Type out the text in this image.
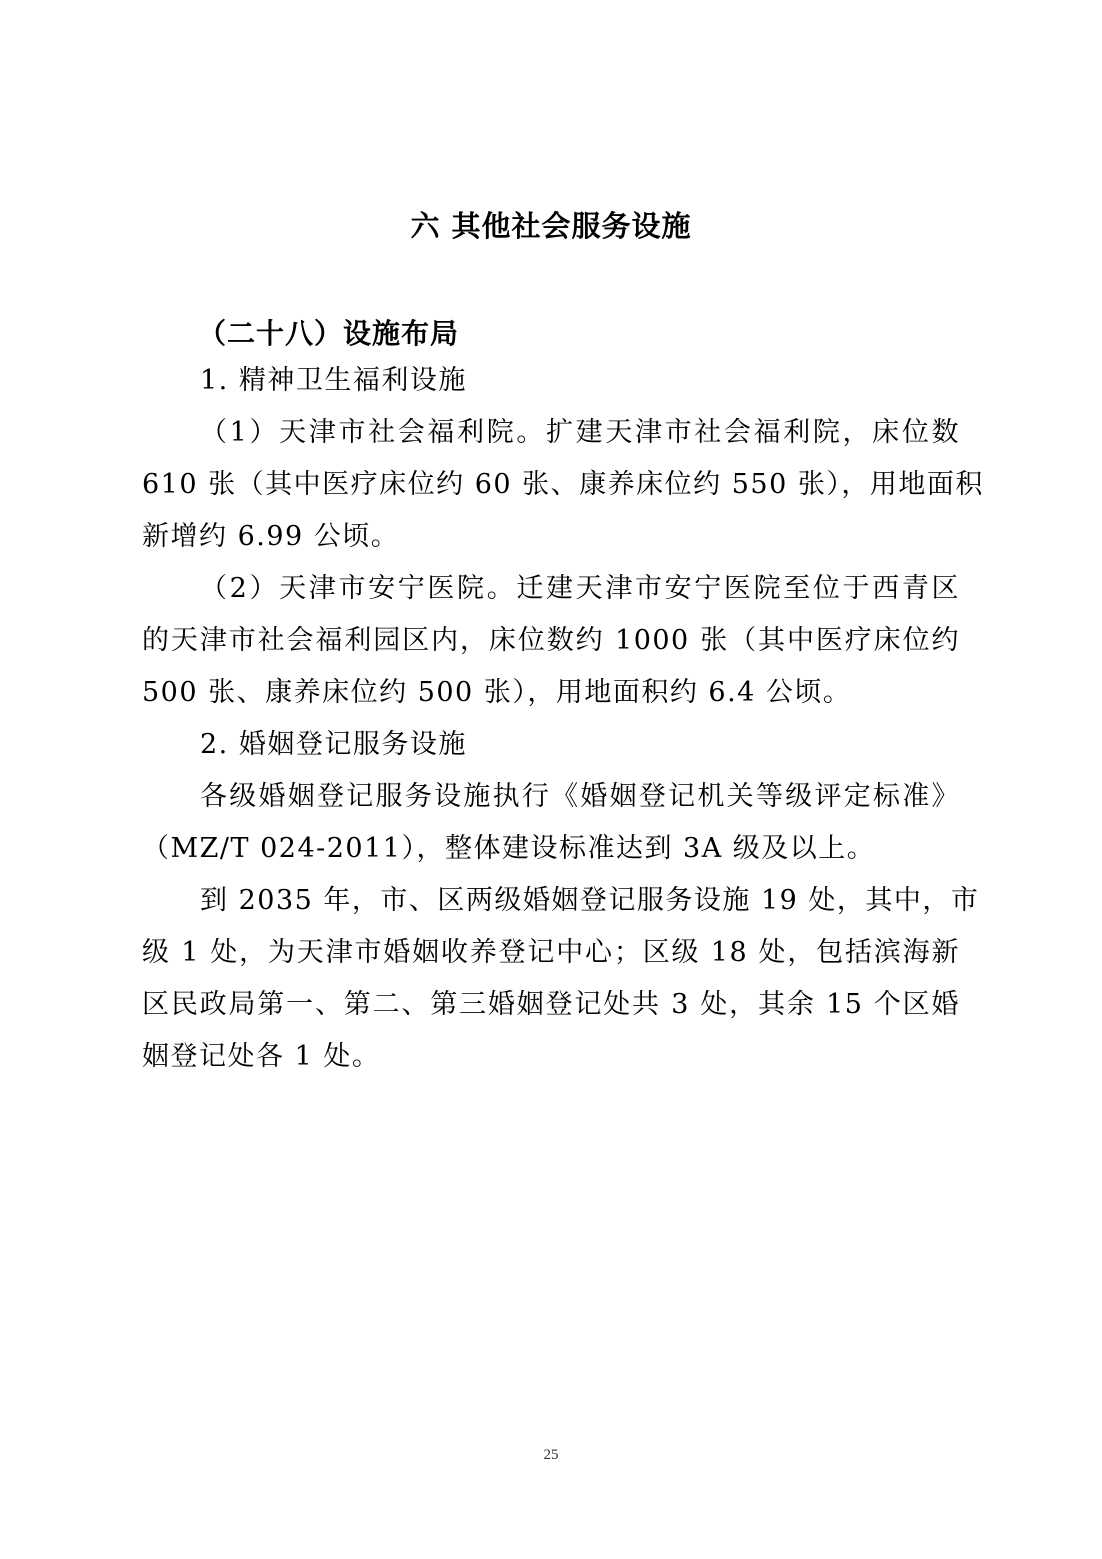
六 其他社会服务设施
（二十八）设施布局
1. 精神卫生福利设施
（1）天津市社会福利院。扩建天津市社会福利院，床位数
610 张（其中医疗床位约 60 张、康养床位约 550 张），用地面积
新增约 6.99 公顷。
（2）天津市安宁医院。迁建天津市安宁医院至位于西青区
的天津市社会福利园区内，床位数约 1000 张（其中医疗床位约
500 张、康养床位约 500 张），用地面积约 6.4 公顷。
2. 婚姻登记服务设施
各级婚姻登记服务设施执行《婚姻登记机关等级评定标准》
（MZ/T 024-2011），整体建设标准达到 3A 级及以上。
到 2035 年，市、区两级婚姻登记服务设施 19 处，其中，市
级 1 处，为天津市婚姻收养登记中心；区级 18 处，包括滨海新
区民政局第一、第二、第三婚姻登记处共 3 处，其余 15 个区婚
姻登记处各 1 处。
25
